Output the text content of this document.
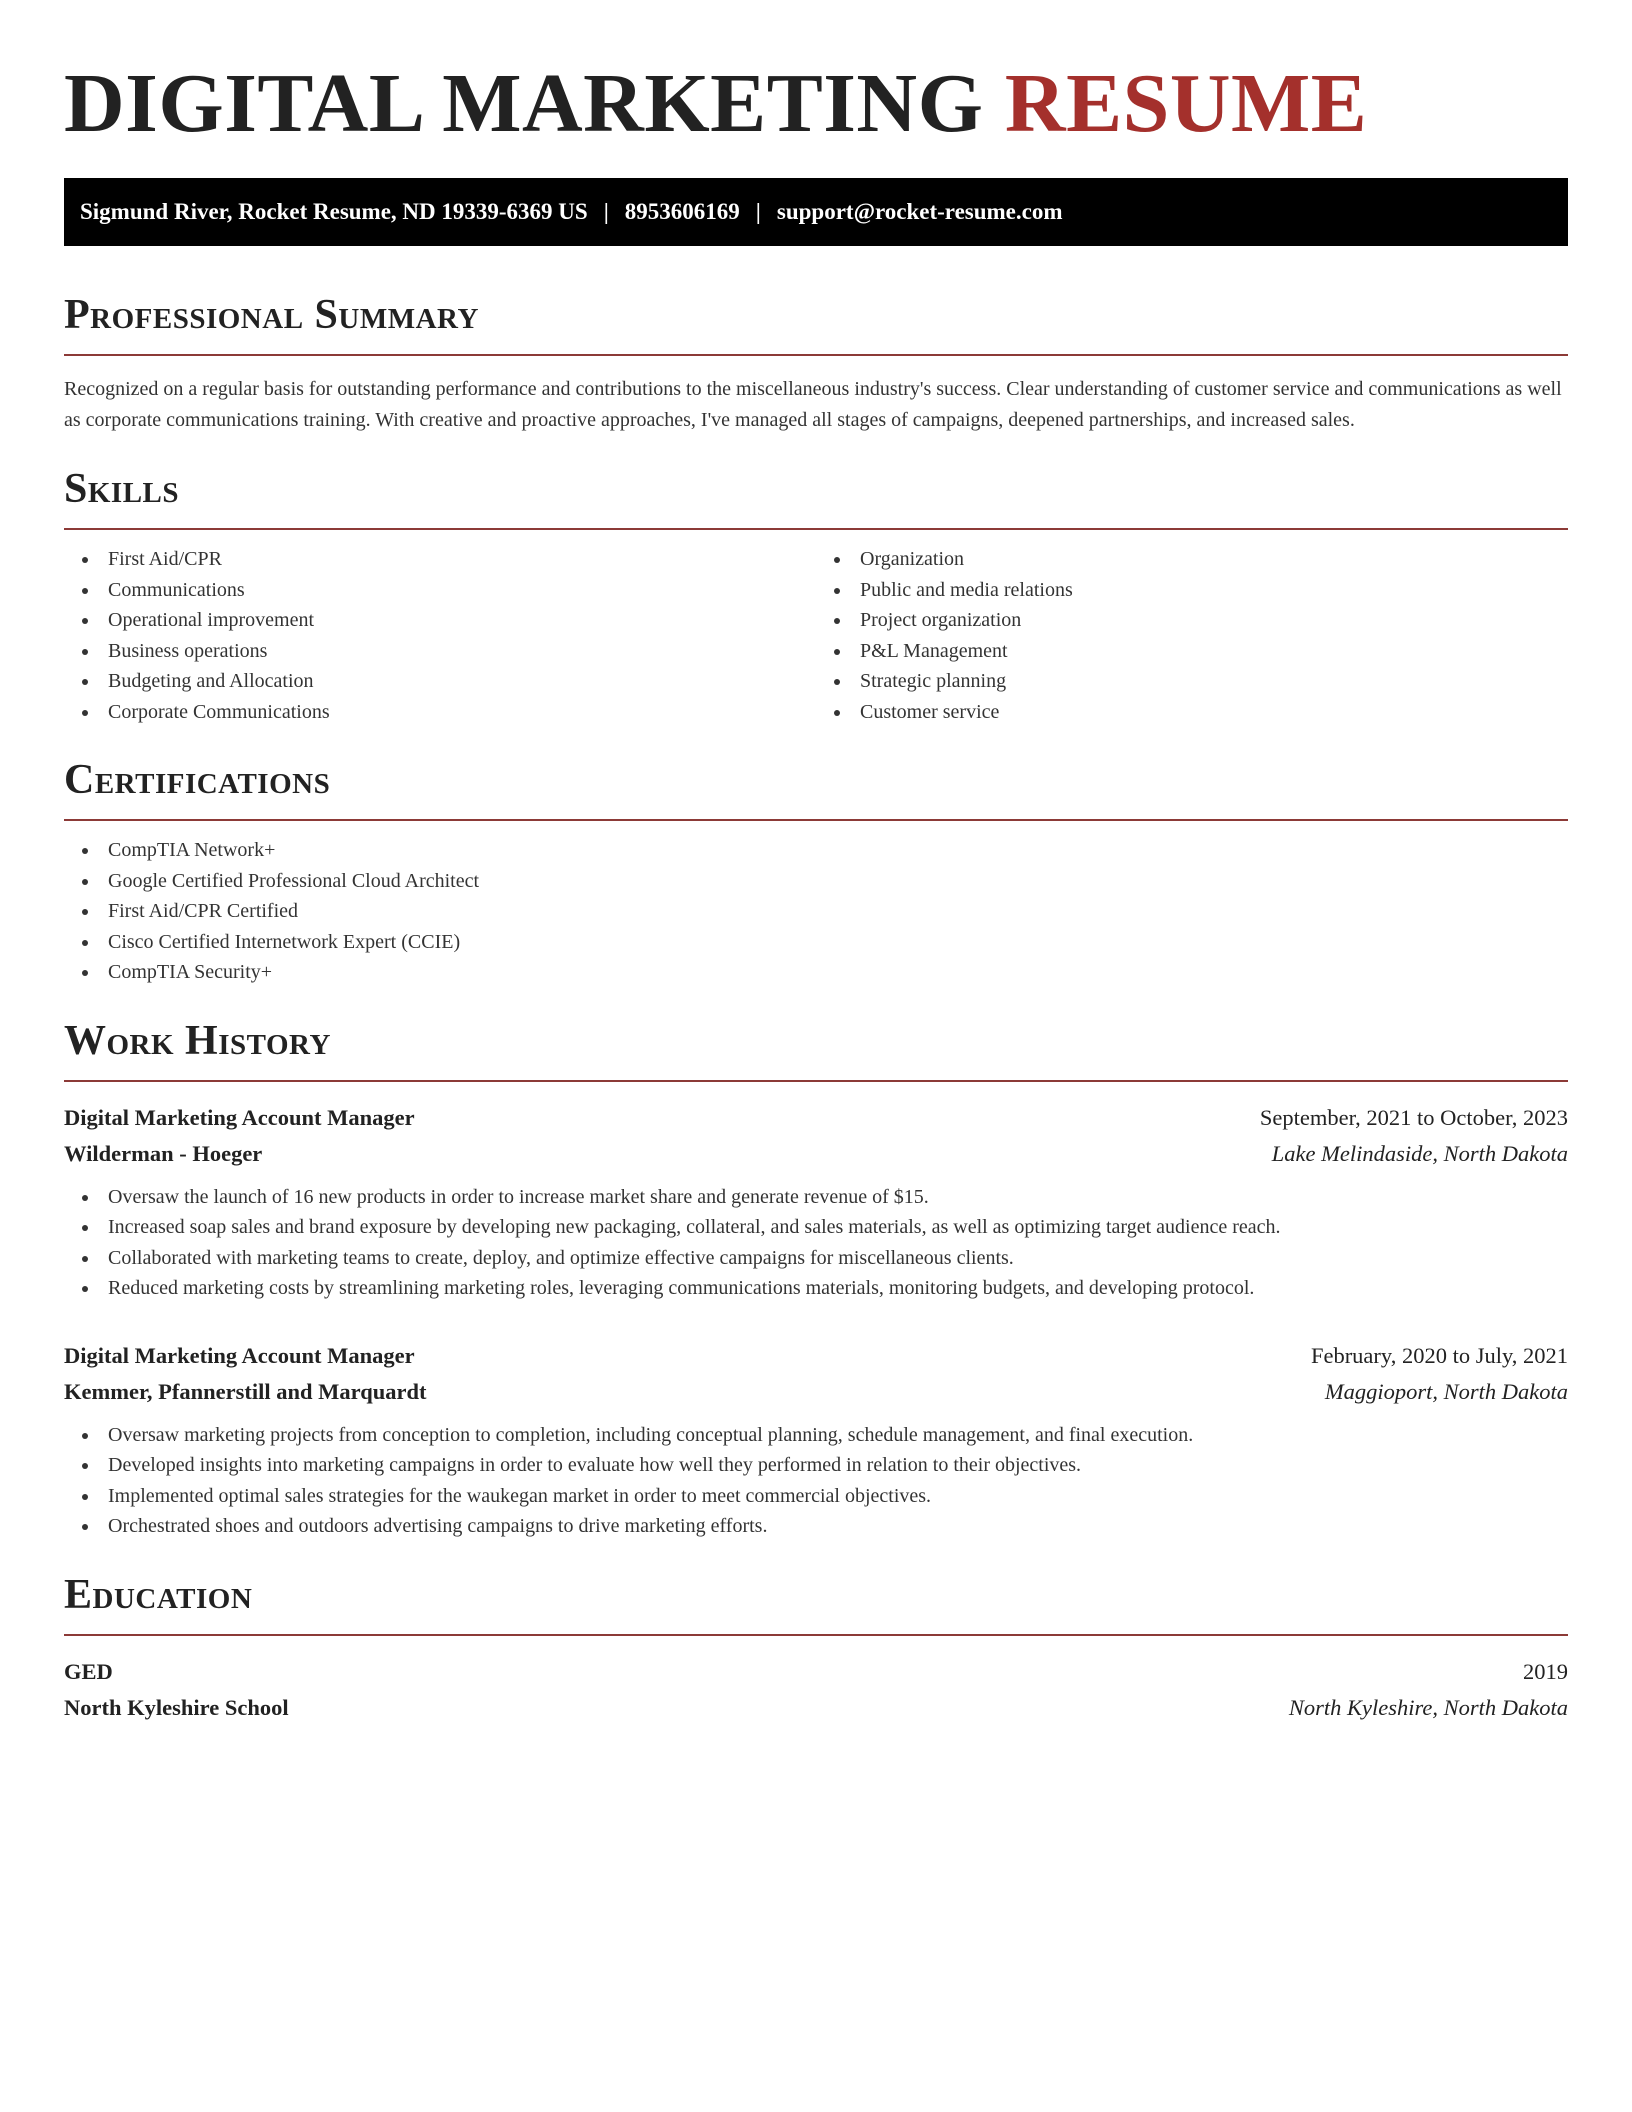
DIGITAL MARKETING RESUME
Sigmund River, Rocket Resume, ND 19339-6369 US | 8953606169 | support@rocket-resume.com
Professional Summary

Recognized on a regular basis for outstanding performance and contributions to the miscellaneous industry's success. Clear understanding of customer service and communications as well as corporate communications training. With creative and proactive approaches, I've managed all stages of campaigns, deepened partnerships, and increased sales.

Skills
First Aid/CPR
Communications
Operational improvement
Business operations
Budgeting and Allocation
Corporate Communications
Organization
Public and media relations
Project organization
P&L Management
Strategic planning
Customer service
Certifications
CompTIA Network+
Google Certified Professional Cloud Architect
First Aid/CPR Certified
Cisco Certified Internetwork Expert (CCIE)
CompTIA Security+
Work History
Digital Marketing Account Manager	September, 2021 to October, 2023
Wilderman - Hoeger	Lake Melindaside, North Dakota
Oversaw the launch of 16 new products in order to increase market share and generate revenue of $15.
Increased soap sales and brand exposure by developing new packaging, collateral, and sales materials, as well as optimizing target audience reach.
Collaborated with marketing teams to create, deploy, and optimize effective campaigns for miscellaneous clients.
Reduced marketing costs by streamlining marketing roles, leveraging communications materials, monitoring budgets, and developing protocol.
Digital Marketing Account Manager	February, 2020 to July, 2021
Kemmer, Pfannerstill and Marquardt	Maggioport, North Dakota
Oversaw marketing projects from conception to completion, including conceptual planning, schedule management, and final execution.
Developed insights into marketing campaigns in order to evaluate how well they performed in relation to their objectives.
Implemented optimal sales strategies for the waukegan market in order to meet commercial objectives.
Orchestrated shoes and outdoors advertising campaigns to drive marketing efforts.
Education
GED	2019
North Kyleshire School	North Kyleshire, North Dakota
